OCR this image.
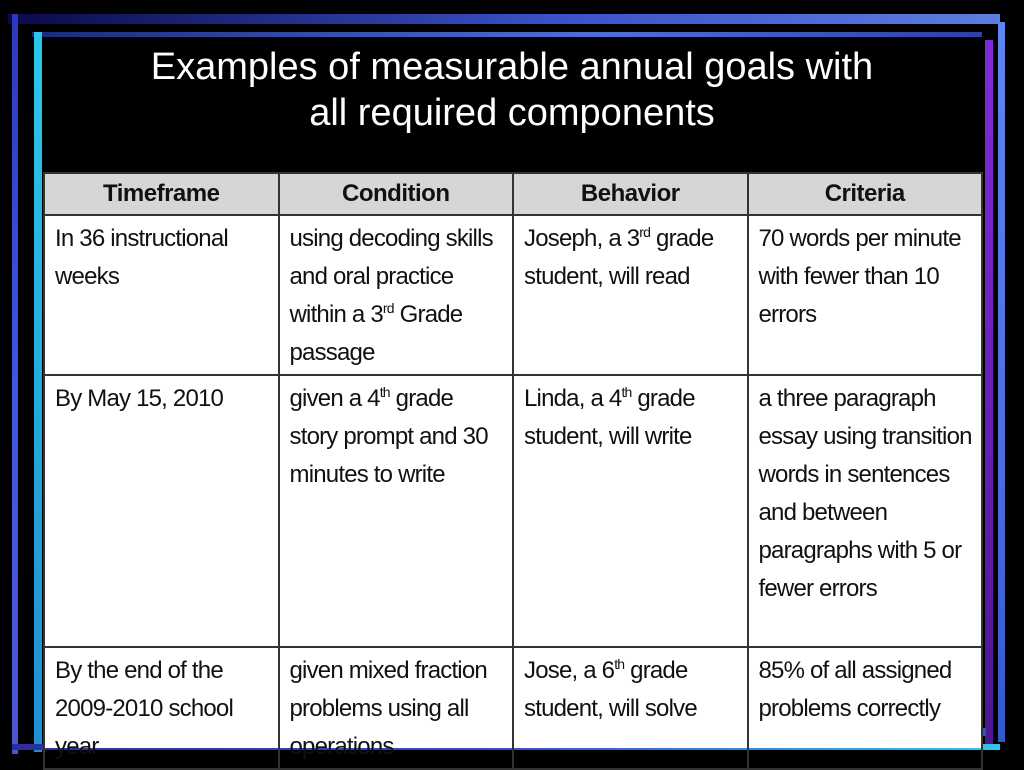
Examples of measurable annual goals with
all required components
Timeframe	Condition	Behavior	Criteria
In 36 instructional weeks	using decoding skills and oral practice within a 3rd Grade passage	Joseph, a 3rd grade student, will read	70 words per minute with fewer than 10 errors
By May 15, 2010	given a 4th grade story prompt and 30 minutes to write	Linda, a 4th grade student, will write	a three paragraph essay using transition words in sentences and between paragraphs with 5 or fewer errors
By the end of the 2009-2010 school year	given mixed fraction problems using all operations	Jose, a 6th grade student, will solve	85% of all assigned problems correctly
